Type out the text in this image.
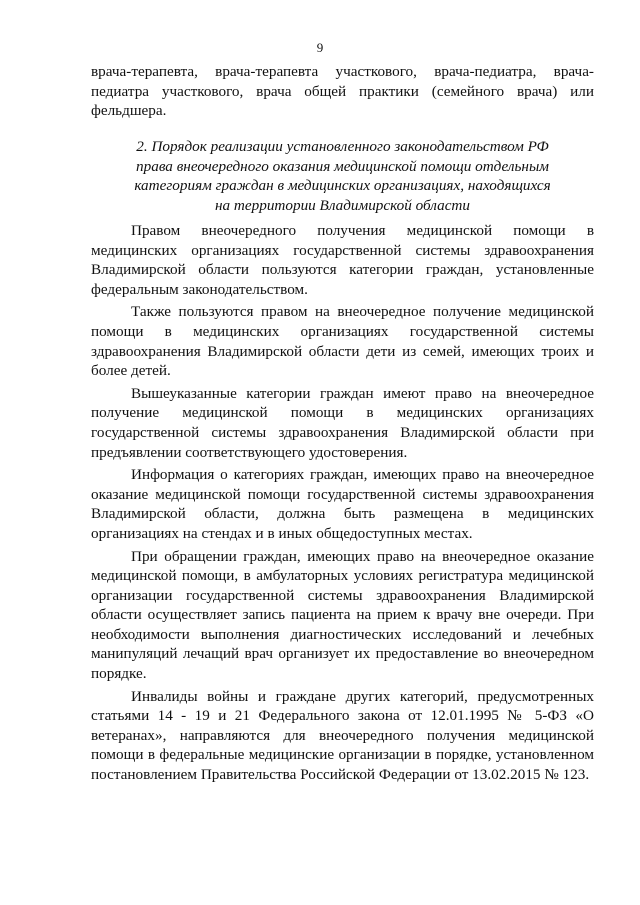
9
врача-терапевта, врача-терапевта участкового, врача-педиатра, врача-педиатра участкового, врача общей практики (семейного врача) или фельдшера.
2. Порядок реализации установленного законодательством РФ
права внеочередного оказания медицинской помощи отдельным
категориям граждан в медицинских организациях, находящихся
на территории Владимирской области

Правом внеочередного получения медицинской помощи в медицинских организациях государственной системы здравоохранения Владимирской области пользуются категории граждан, установленные федеральным законодательством.

Также пользуются правом на внеочередное получение медицинской помощи в медицинских организациях государственной системы здравоохранения Владимирской области дети из семей, имеющих троих и более детей.

Вышеуказанные категории граждан имеют право на внеочередное получение медицинской помощи в медицинских организациях государственной системы здравоохранения Владимирской области при предъявлении соответствующего удостоверения.

Информация о категориях граждан, имеющих право на внеочередное оказание медицинской помощи государственной системы здравоохранения Владимирской области, должна быть размещена в медицинских организациях на стендах и в иных общедоступных местах.

При обращении граждан, имеющих право на внеочередное оказание медицинской помощи, в амбулаторных условиях регистратура медицинской организации государственной системы здравоохранения Владимирской области осуществляет запись пациента на прием к врачу вне очереди. При необходимости выполнения диагностических исследований и лечебных манипуляций лечащий врач организует их предоставление во внеочередном порядке.

Инвалиды войны и граждане других категорий, предусмотренных статьями 14 - 19 и 21 Федерального закона от 12.01.1995 № 5-ФЗ «О ветеранах», направляются для внеочередного получения медицинской помощи в федеральные медицинские организации в порядке, установленном постановлением Правительства Российской Федерации от 13.02.2015 № 123.
